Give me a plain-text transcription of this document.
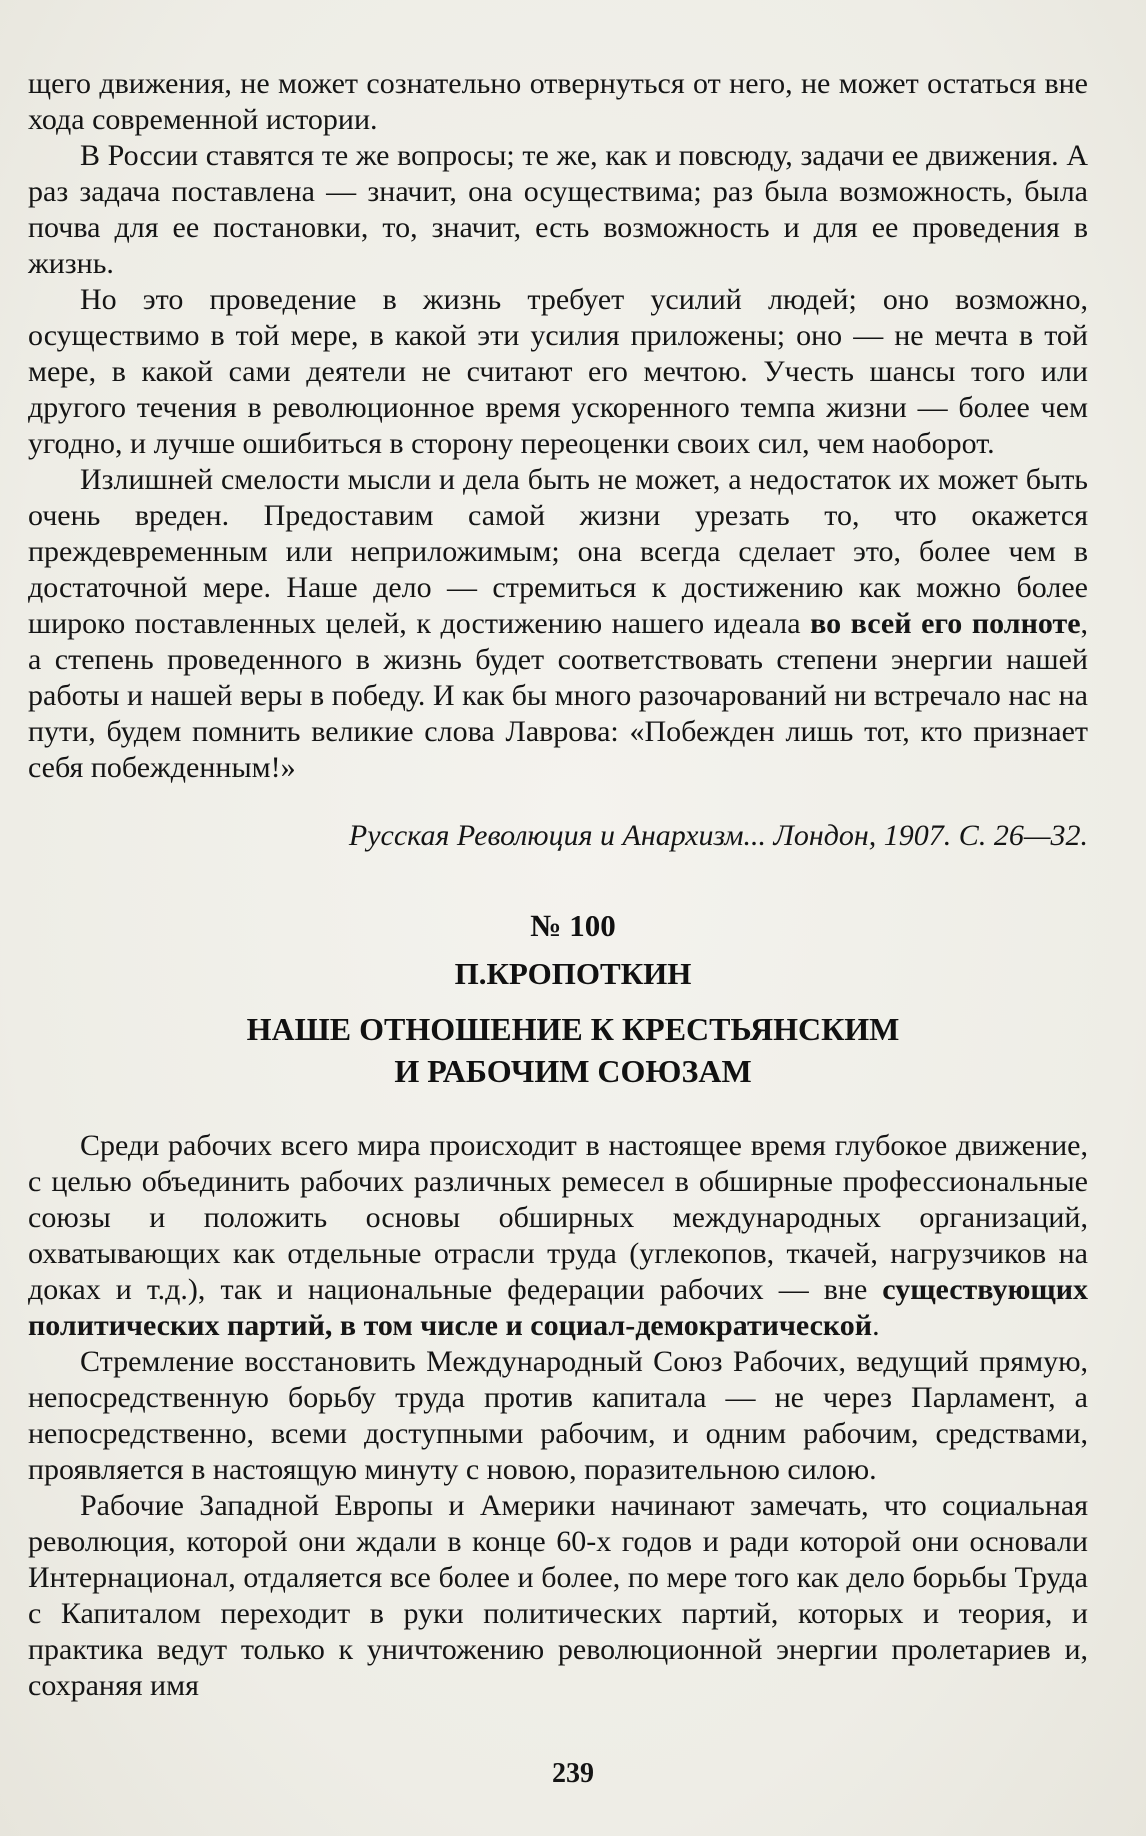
щего движения, не может сознательно отвернуться от него, не может остаться вне хода современной истории.

В России ставятся те же вопросы; те же, как и повсюду, задачи ее движения. А раз задача поставлена — значит, она осуществима; раз была возможность, была почва для ее постановки, то, значит, есть возможность и для ее проведения в жизнь.

Но это проведение в жизнь требует усилий людей; оно возможно, осуществимо в той мере, в какой эти усилия приложены; оно — не мечта в той мере, в какой сами деятели не считают его мечтою. Учесть шансы того или другого течения в революционное время ускоренного темпа жизни — более чем угодно, и лучше ошибиться в сторону переоценки своих сил, чем наоборот.

Излишней смелости мысли и дела быть не может, а недостаток их может быть очень вреден. Предоставим самой жизни урезать то, что окажется преждевременным или неприложимым; она всегда сделает это, более чем в достаточной мере. Наше дело — стремиться к достижению как можно более широко поставленных целей, к достижению нашего идеала во всей его полноте, а степень проведенного в жизнь будет соответствовать степени энергии нашей работы и нашей веры в победу. И как бы много разочарований ни встречало нас на пути, будем помнить великие слова Лаврова: «Побежден лишь тот, кто признает себя побежденным!»

Русская Революция и Анархизм... Лондон, 1907. С. 26—32.
№ 100
П.КРОПОТКИН
НАШЕ ОТНОШЕНИЕ К КРЕСТЬЯНСКИМ
И РАБОЧИМ СОЮЗАМ

Среди рабочих всего мира происходит в настоящее время глубокое движение, с целью объединить рабочих различных ремесел в обширные профессиональные союзы и положить основы обширных международных организаций, охватывающих как отдельные отрасли труда (углекопов, ткачей, нагрузчиков на доках и т.д.), так и национальные федерации рабочих — вне существующих политических партий, в том числе и социал-демократической.

Стремление восстановить Международный Союз Рабочих, ведущий прямую, непосредственную борьбу труда против капитала — не через Парламент, а непосредственно, всеми доступными рабочим, и одним рабочим, средствами, проявляется в настоящую минуту с новою, поразительною силою.

Рабочие Западной Европы и Америки начинают замечать, что социальная революция, которой они ждали в конце 60-х годов и ради которой они основали Интернационал, отдаляется все более и более, по мере того как дело борьбы Труда с Капиталом переходит в руки политических партий, которых и теория, и практика ведут только к уничтожению революционной энергии пролетариев и, сохраняя имя

239
